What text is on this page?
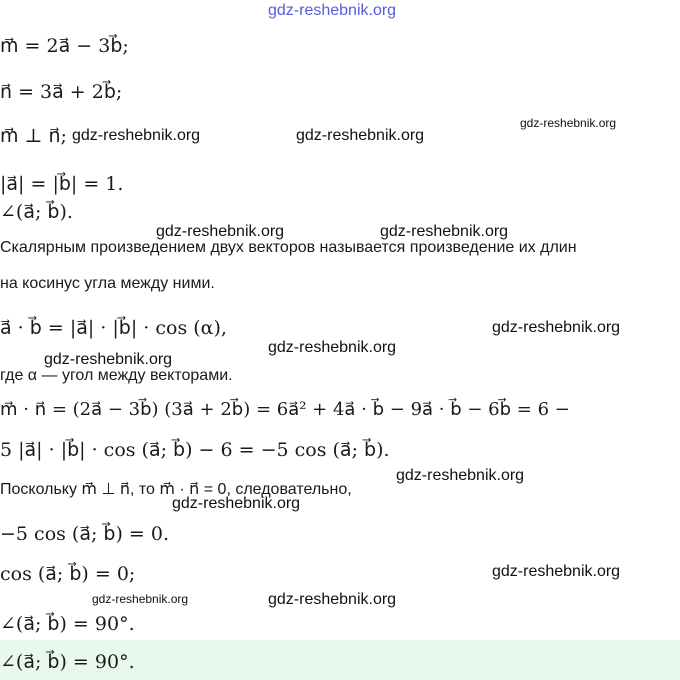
gdz-reshebnik.org
m⃗ = 2a⃗ − 3b⃗;
n⃗ = 3a⃗ + 2b⃗;
m⃗ ⊥ n⃗;
|a⃗| = |b⃗| = 1.
∠(a⃗; b⃗).
Скалярным произведением двух векторов называется произведение их длин
на косинус угла между ними.
a⃗ · b⃗ = |a⃗| · |b⃗| · cos (α),
где α — угол между векторами.
m⃗ · n⃗ = (2a⃗ − 3b⃗) (3a⃗ + 2b⃗) = 6a⃗² + 4a⃗ · b⃗ − 9a⃗ · b⃗ − 6b⃗ = 6 −
5 |a⃗| · |b⃗| · cos (a⃗; b⃗) − 6 = −5 cos (a⃗; b⃗).
Поскольку m⃗ ⊥ n⃗, то m⃗ · n⃗ = 0, следовательно,
−5 cos (a⃗; b⃗) = 0.
cos (a⃗; b⃗) = 0;
∠(a⃗; b⃗) = 90°.
∠(a⃗; b⃗) = 90°.
gdz-reshebnik.org	gdz-reshebnik.org
gdz-reshebnik.org
gdz-reshebnik.org	gdz-reshebnik.org
gdz-reshebnik.org
gdz-reshebnik.org
gdz-reshebnik.org
gdz-reshebnik.org
gdz-reshebnik.org
gdz-reshebnik.org
gdz-reshebnik.org	gdz-reshebnik.org
